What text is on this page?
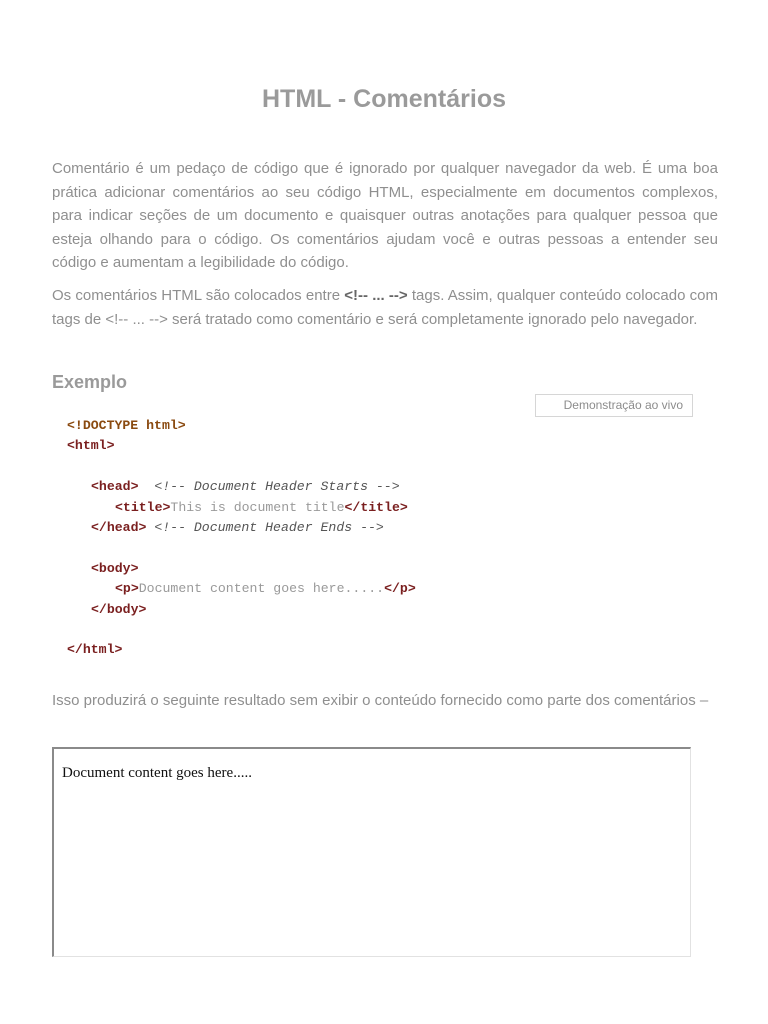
HTML - Comentários

Comentário é um pedaço de código que é ignorado por qualquer navegador da web. É uma boa prática adicionar comentários ao seu código HTML, especialmente em documentos complexos, para indicar seções de um documento e quaisquer outras anotações para qualquer pessoa que esteja olhando para o código. Os comentários ajudam você e outras pessoas a entender seu código e aumentam a legibilidade do código.

Os comentários HTML são colocados entre <!-- ... --> tags. Assim, qualquer conteúdo colocado com tags de <!-- ... --> será tratado como comentário e será completamente ignorado pelo navegador.

Exemplo
Demonstração ao vivo
<!DOCTYPE html>
<html>

<head> <!-- Document Header Starts -->
<title>This is document title</title>
</head> <!-- Document Header Ends -->

<body>
<p>Document content goes here.....</p>
</body>

</html>

Isso produzirá o seguinte resultado sem exibir o conteúdo fornecido como parte dos comentários –

Document content goes here.....
